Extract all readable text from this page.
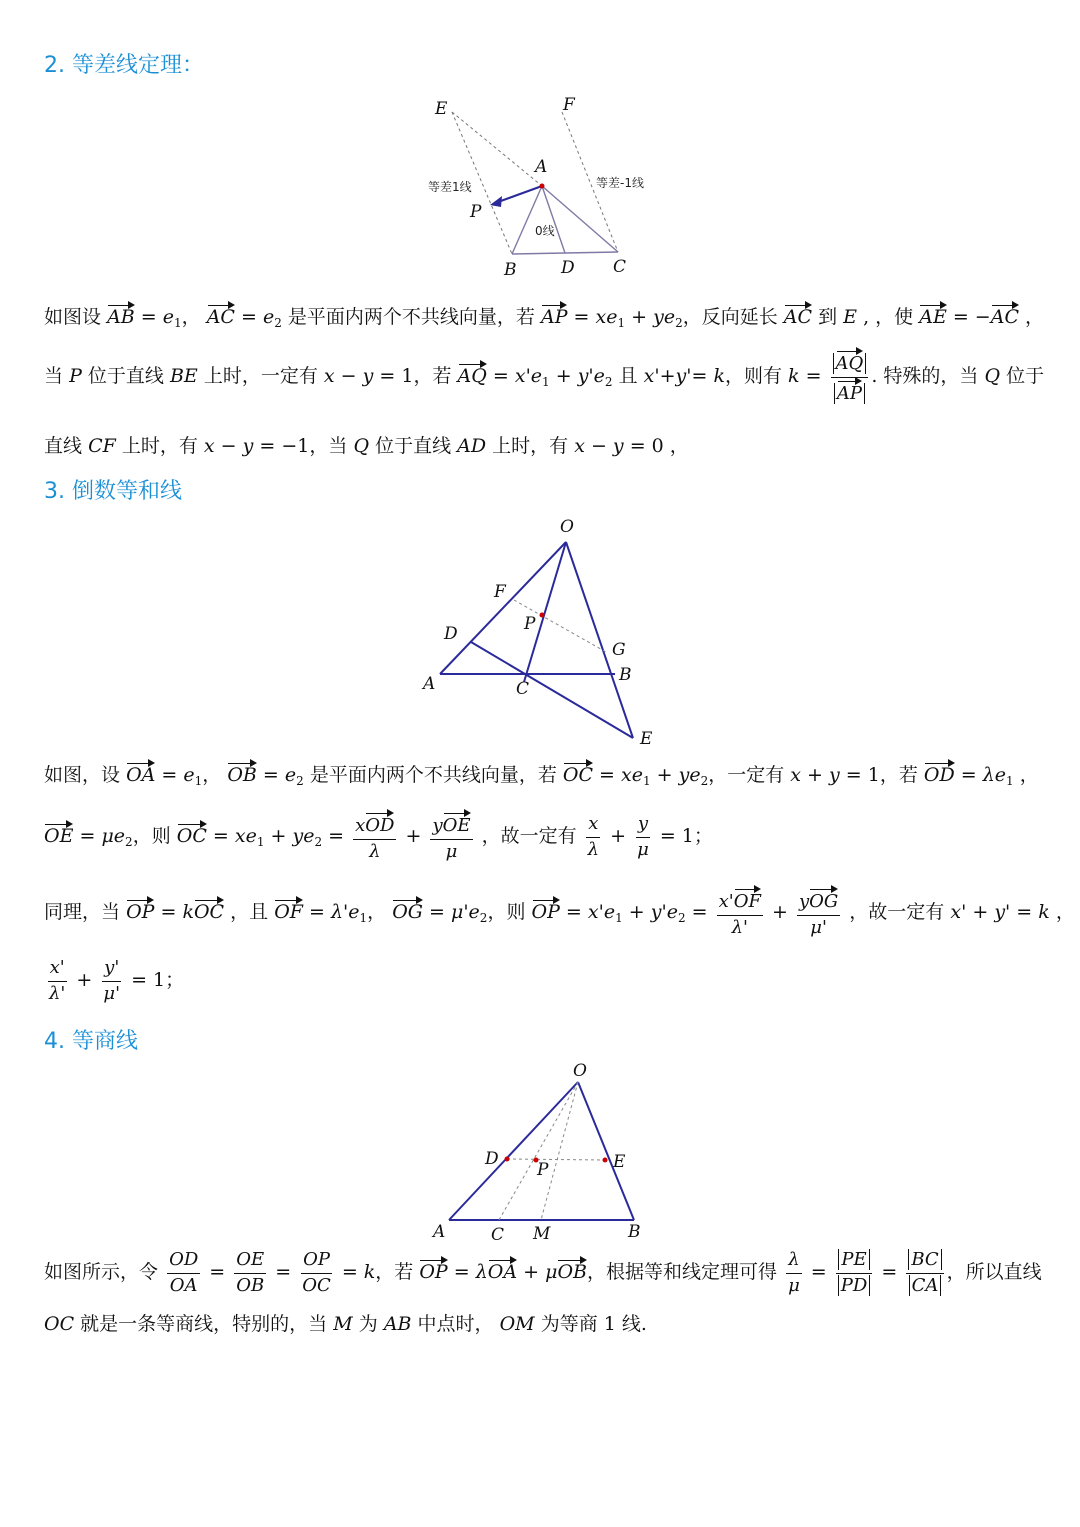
2. 等差线定理：
E	F
A
P
B	D C
等差1线	等差-1线
0线
如图设 AB = $e_1$， AC = $e_2$ 是平面内两个不共线向量，若 AP = $xe_1 + ye_2$，反向延长 AC 到 E , ，使 AE = −AC ，
当 P 位于直线 BE 上时，一定有 x − y = 1，若 AQ = $x'e_1 + y'e_2$ 且 x'+y'= k，则有 $k = \frac{AQ}{AP}$ . 特殊的，当 Q 位于
直线 CF 上时，有 x − y = −1，当 Q 位于直线 AD 上时，有 x − y = 0 ，
3. 倒数等和线
O
F
P
D
G
A	B
C
E
如图，设 OA = $e_1$， OB = $e_2$ 是平面内两个不共线向量，若 OC = $xe_1 + ye_2$，一定有 x + y = 1，若 OD = $\lambda e_1$ ，
OE = $\mu e_2$，则 OC = $xe_1 + ye_2 = \frac{\text{xOD}}{\lambda} + \frac{\text{yOE}}{\mu}$ ，故一定有 $\frac{x}{\lambda} + \frac{y}{\mu} = 1$；
同理，当 OP = kOC ，且 OF = $\lambda'e_1$， OG = $\mu'e_2$，则 OP = $x'e_1 + y'e_2 = \frac{x'OF}{\lambda'} + \frac{\text{yOG}}{\mu'}$ ，故一定有 x' + y' = k ，
$\frac{x'}{\lambda'} + \frac{y'}{\mu'} = 1$；
4. 等商线
O
D
P	E
A	C M	B
如图所示，令 $\frac{OD}{OA} = \frac{OE}{OB} = \frac{OP}{OC} = k$，若 OP = λOA + μOB，根据等和线定理可得 $\frac{\lambda}{\mu} = \frac{PE}{PD} = \frac{BC}{CA}$ ，所以直线
OC 就是一条等商线，特别的，当 M 为 AB 中点时， OM 为等商 1 线.
